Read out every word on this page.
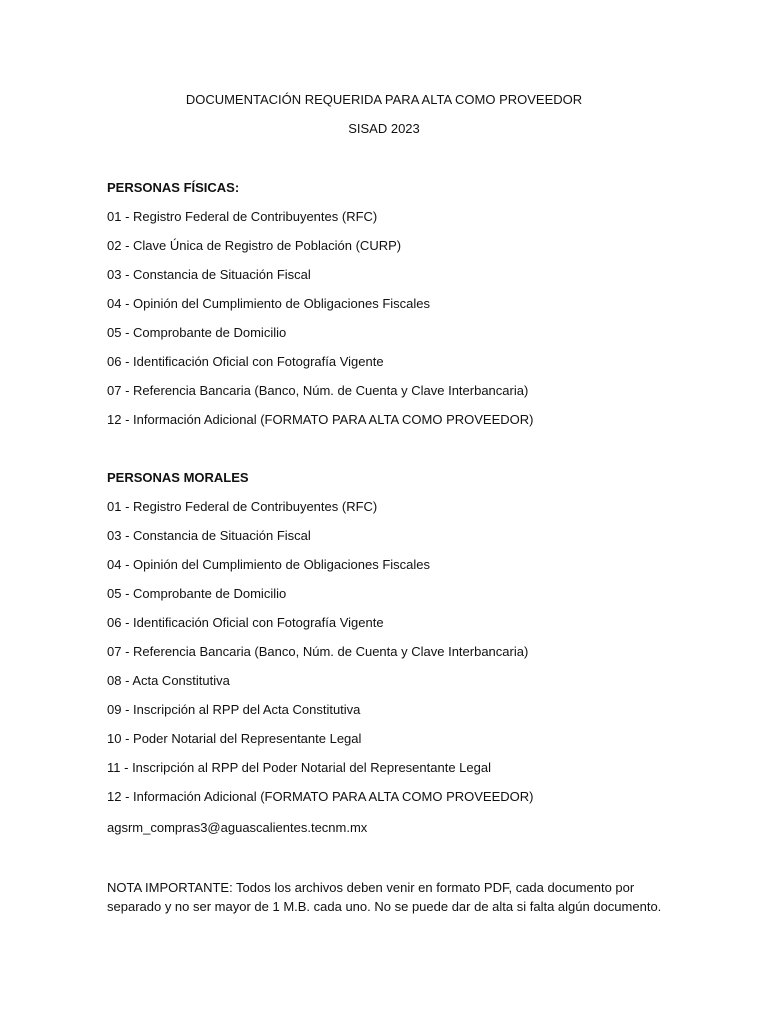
DOCUMENTACIÓN REQUERIDA PARA ALTA COMO PROVEEDOR
SISAD 2023
PERSONAS FÍSICAS:
01 - Registro Federal de Contribuyentes (RFC)
02 - Clave Única de Registro de Población (CURP)
03 - Constancia de Situación Fiscal
04 - Opinión del Cumplimiento de Obligaciones Fiscales
05 - Comprobante de Domicilio
06 - Identificación Oficial con Fotografía Vigente
07 - Referencia Bancaria (Banco, Núm. de Cuenta y Clave Interbancaria)
12 - Información Adicional (FORMATO PARA ALTA COMO PROVEEDOR)
PERSONAS MORALES
01 - Registro Federal de Contribuyentes (RFC)
03 - Constancia de Situación Fiscal
04 - Opinión del Cumplimiento de Obligaciones Fiscales
05 - Comprobante de Domicilio
06 - Identificación Oficial con Fotografía Vigente
07 - Referencia Bancaria (Banco, Núm. de Cuenta y Clave Interbancaria)
08 - Acta Constitutiva
09 - Inscripción al RPP del Acta Constitutiva
10 - Poder Notarial del Representante Legal
11 - Inscripción al RPP del Poder Notarial del Representante Legal
12 - Información Adicional (FORMATO PARA ALTA COMO PROVEEDOR)
agsrm_compras3@aguascalientes.tecnm.mx
NOTA IMPORTANTE: Todos los archivos deben venir en formato PDF, cada documento por separado y no ser mayor de 1 M.B. cada uno. No se puede dar de alta si falta algún documento.
